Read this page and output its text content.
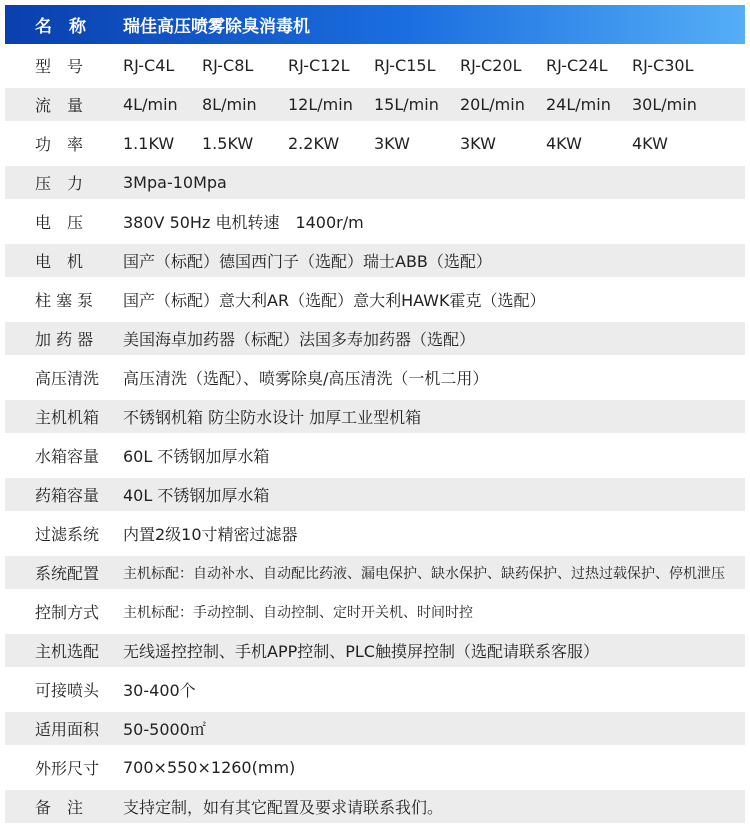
名　称	瑞佳高压喷雾除臭消毒机
型　号	RJ-C4L	RJ-C8L	RJ-C12L	RJ-C15L	RJ-C20L	RJ-C24L	RJ-C30L
流　量	4L/min	8L/min	12L/min	15L/min	20L/min	24L/min	30L/min
功　率	1.1KW	1.5KW	2.2KW	3KW	3KW	4KW	4KW
压　力	3Mpa-10Mpa
电　压	380V 50Hz 电机转速　1400r/m
电　机	国产（标配）德国西门子（选配）瑞士ABB（选配）
柱 塞 泵	国产（标配）意大利AR（选配）意大利HAWK霍克（选配）
加 药 器	美国海卓加药器（标配）法国多寿加药器（选配）
高压清洗	高压清洗（选配）、喷雾除臭/高压清洗（一机二用）
主机机箱	不锈钢机箱 防尘防水设计 加厚工业型机箱
水箱容量	60L 不锈钢加厚水箱
药箱容量	40L 不锈钢加厚水箱
过滤系统	内置2级10寸精密过滤器
系统配置	主机标配：自动补水、自动配比药液、漏电保护、缺水保护、缺药保护、过热过载保护、停机泄压
控制方式	主机标配：手动控制、自动控制、定时开关机、时间时控
主机选配	无线遥控控制、手机APP控制、PLC触摸屏控制（选配请联系客服）
可接喷头	30-400个
适用面积	50-5000㎡
外形尺寸	700×550×1260(mm)
备　注	支持定制，如有其它配置及要求请联系我们。
